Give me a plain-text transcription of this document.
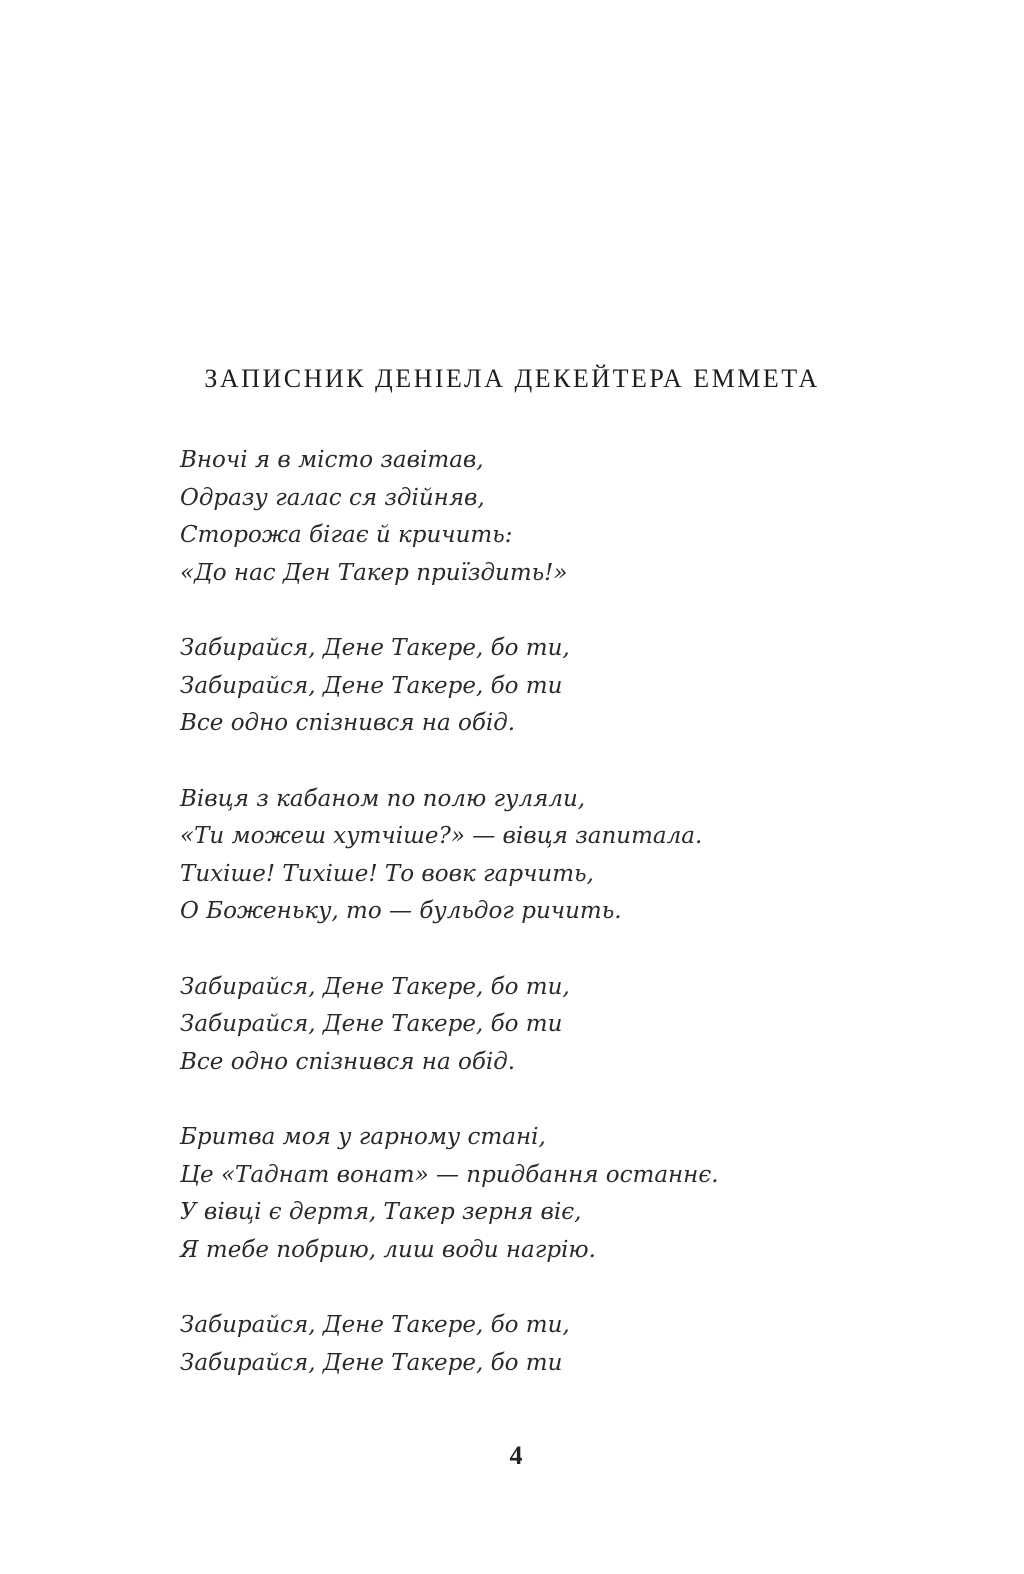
ЗАПИСНИК ДЕНІЕЛА ДЕКЕЙТЕРА ЕММЕТА
Вночі я в місто завітав,
Одразу галас ся здійняв,
Сторожа бігає й кричить:
«До нас Ден Такер приїздить!»
Забирайся, Дене Такере, бо ти,
Забирайся, Дене Такере, бо ти
Все одно спізнився на обід.
Вівця з кабаном по полю гуляли,
«Ти можеш хутчіше?» — вівця запитала.
Тихіше! Тихіше! То вовк гарчить,
О Боженьку, то — бульдог ричить.
Забирайся, Дене Такере, бо ти,
Забирайся, Дене Такере, бо ти
Все одно спізнився на обід.
Бритва моя у гарному стані,
Це «Таднат вонат» — придбання останнє.
У вівці є дертя, Такер зерня віє,
Я тебе побрию, лиш води нагрію.
Забирайся, Дене Такере, бо ти,
Забирайся, Дене Такере, бо ти
4
